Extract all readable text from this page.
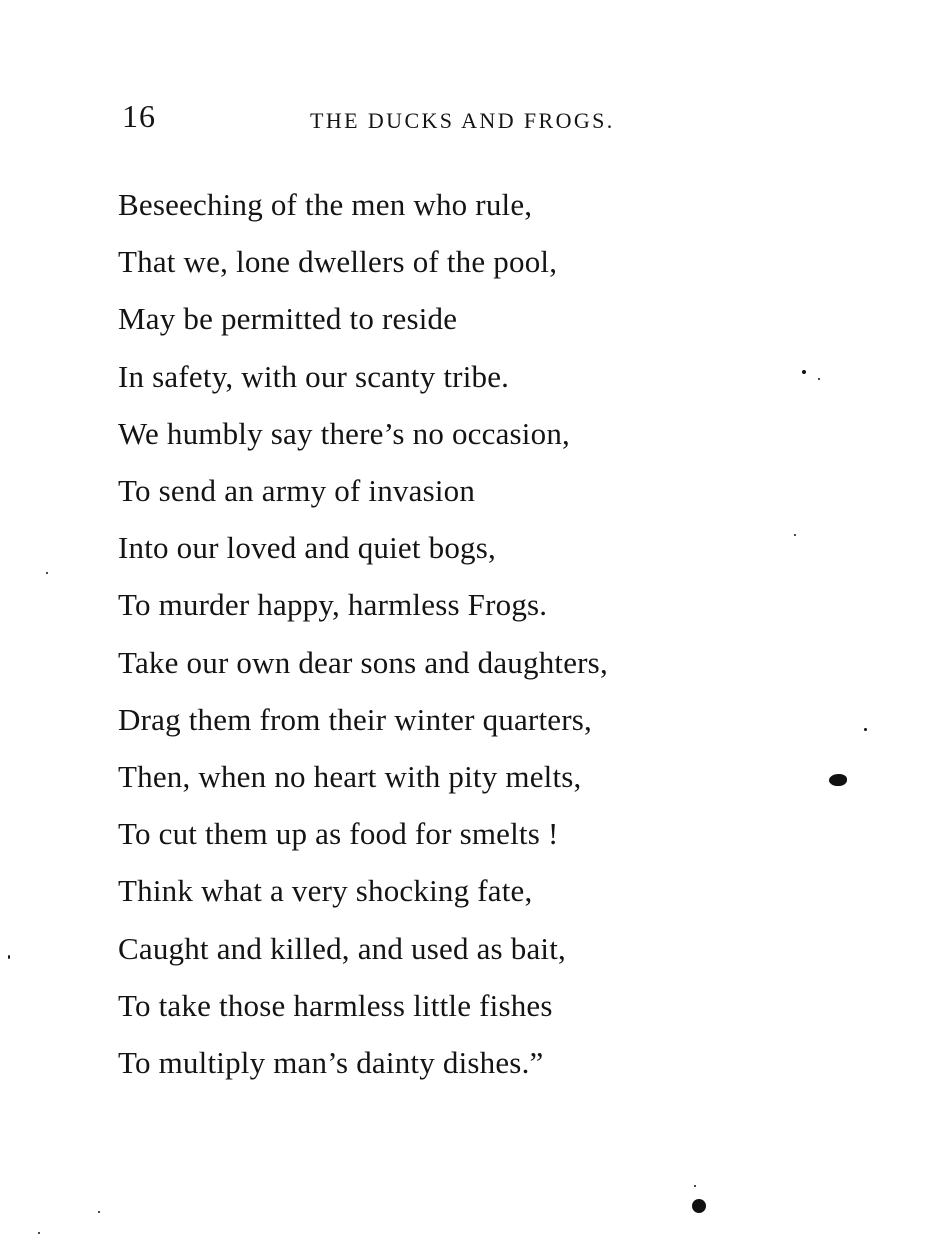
16	THE DUCKS AND FROGS.
Beseeching of the men who rule,
That we, lone dwellers of the pool,
May be permitted to reside
In safety, with our scanty tribe.
We humbly say there’s no occasion,
To send an army of invasion
Into our loved and quiet bogs,
To murder happy, harmless Frogs.
Take our own dear sons and daughters,
Drag them from their winter quarters,
Then, when no heart with pity melts,
To cut them up as food for smelts !
Think what a very shocking fate,
Caught and killed, and used as bait,
To take those harmless little fishes
To multiply man’s dainty dishes.”
